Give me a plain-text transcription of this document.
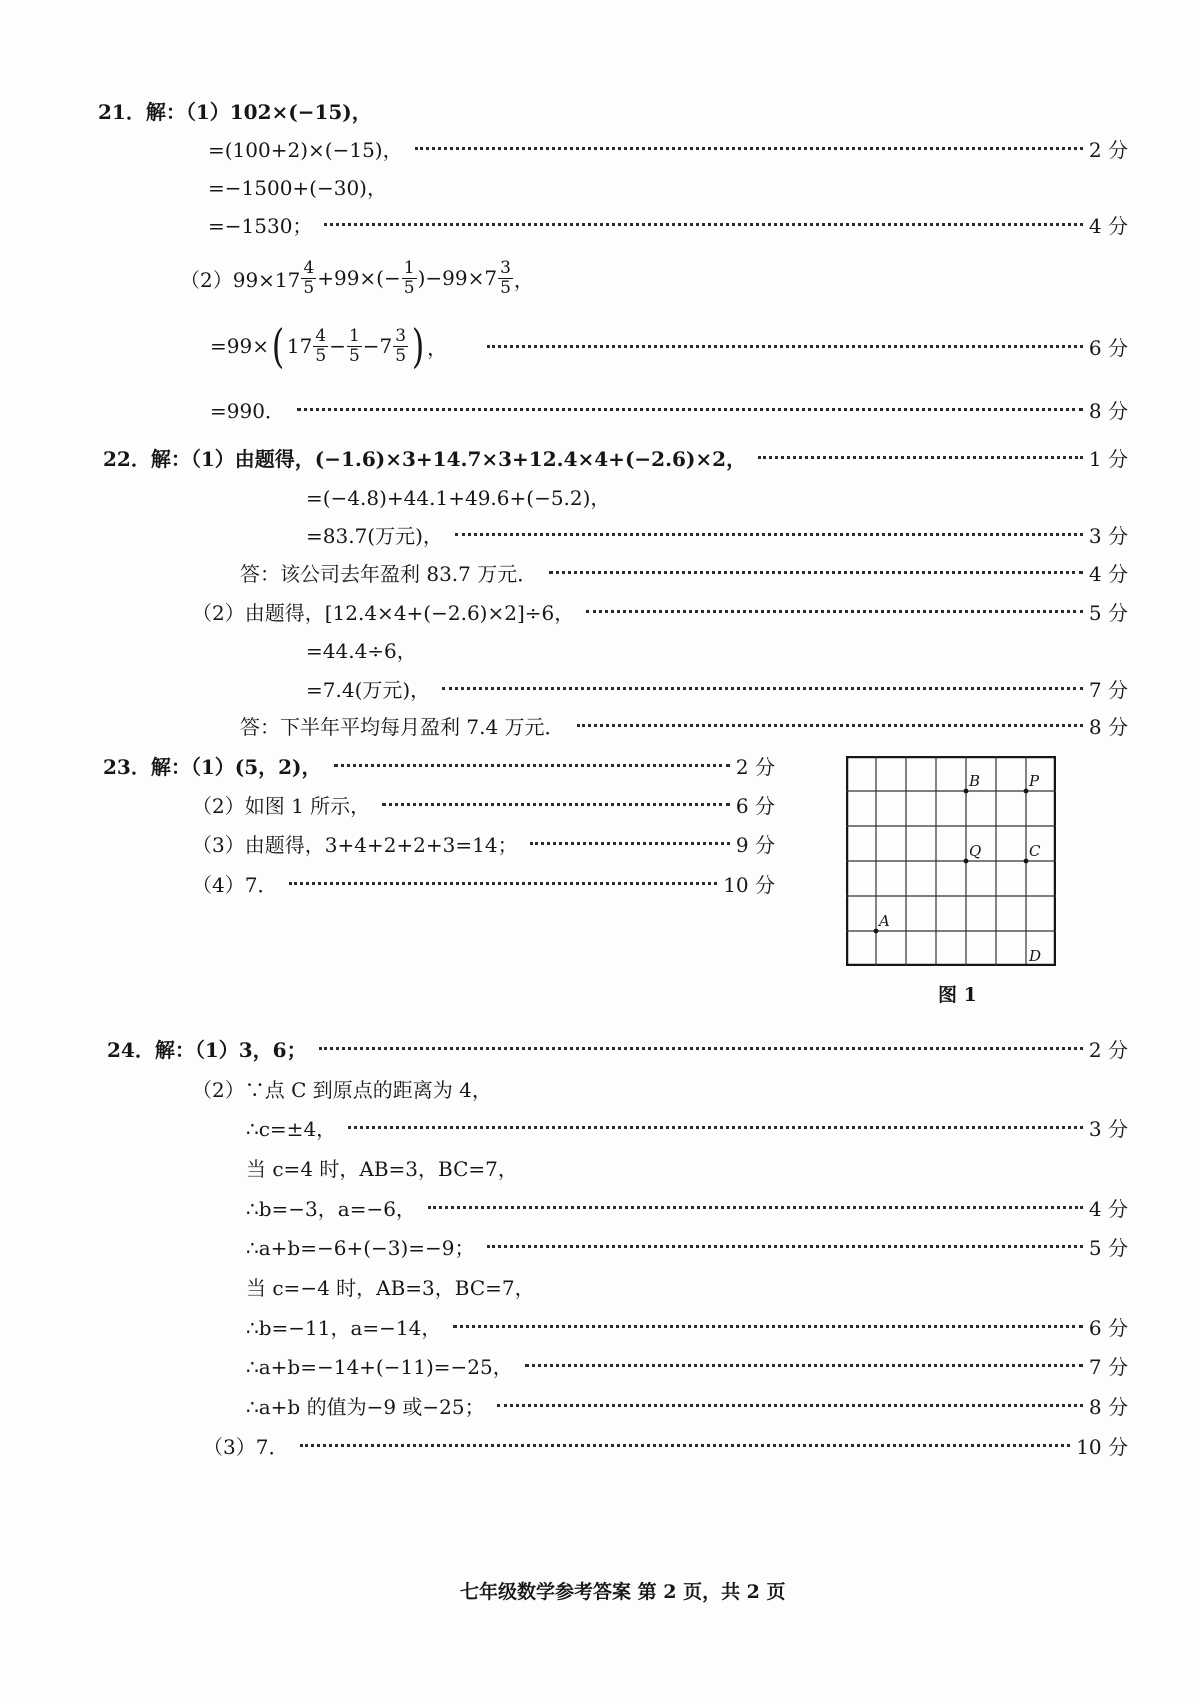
21．解：（1）102×(−15)，
=(100+2)×(−15)，	2 分
=−1500+(−30)，
=−1530；	4 分
$(2)99\times 17 \frac{4}{5} +99\times(- \frac{1}{5} )-99\times 7 \frac{3}{5}$ ，
=99× ( $17 \frac{4}{5} - \frac{1}{5} -7 \frac{3}{5}$ ) ，	6 分
=990．	8 分
22．解：（1）由题得，(−1.6)×3+14.7×3+12.4×4+(−2.6)×2，	1 分
=(−4.8)+44.1+49.6+(−5.2)，
=83.7(万元)，	3 分
答：该公司去年盈利 83.7 万元．	4 分
（2）由题得，[12.4×4+(−2.6)×2]÷6，	5 分
=44.4÷6，
=7.4(万元)，	7 分
答：下半年平均每月盈利 7.4 万元．	8 分
23．解：（1）(5，2)，	2 分
（2）如图 1 所示，	6 分
（3）由题得，3+4+2+2+3=14；	9 分
（4）7．	10 分
B	P
Q	C
A
D
图 1
24．解：（1）3，6；	2 分
（2）∵点 C 到原点的距离为 4，
∴c=±4，	3 分
当 c=4 时，AB=3，BC=7，
∴b=−3，a=−6，	4 分
∴a+b=−6+(−3)=−9；	5 分
当 c=−4 时，AB=3，BC=7，
∴b=−11，a=−14，	6 分
∴a+b=−14+(−11)=−25，	7 分
∴a+b 的值为−9 或−25；	8 分
（3）7．	10 分
七年级数学参考答案 第 2 页，共 2 页
